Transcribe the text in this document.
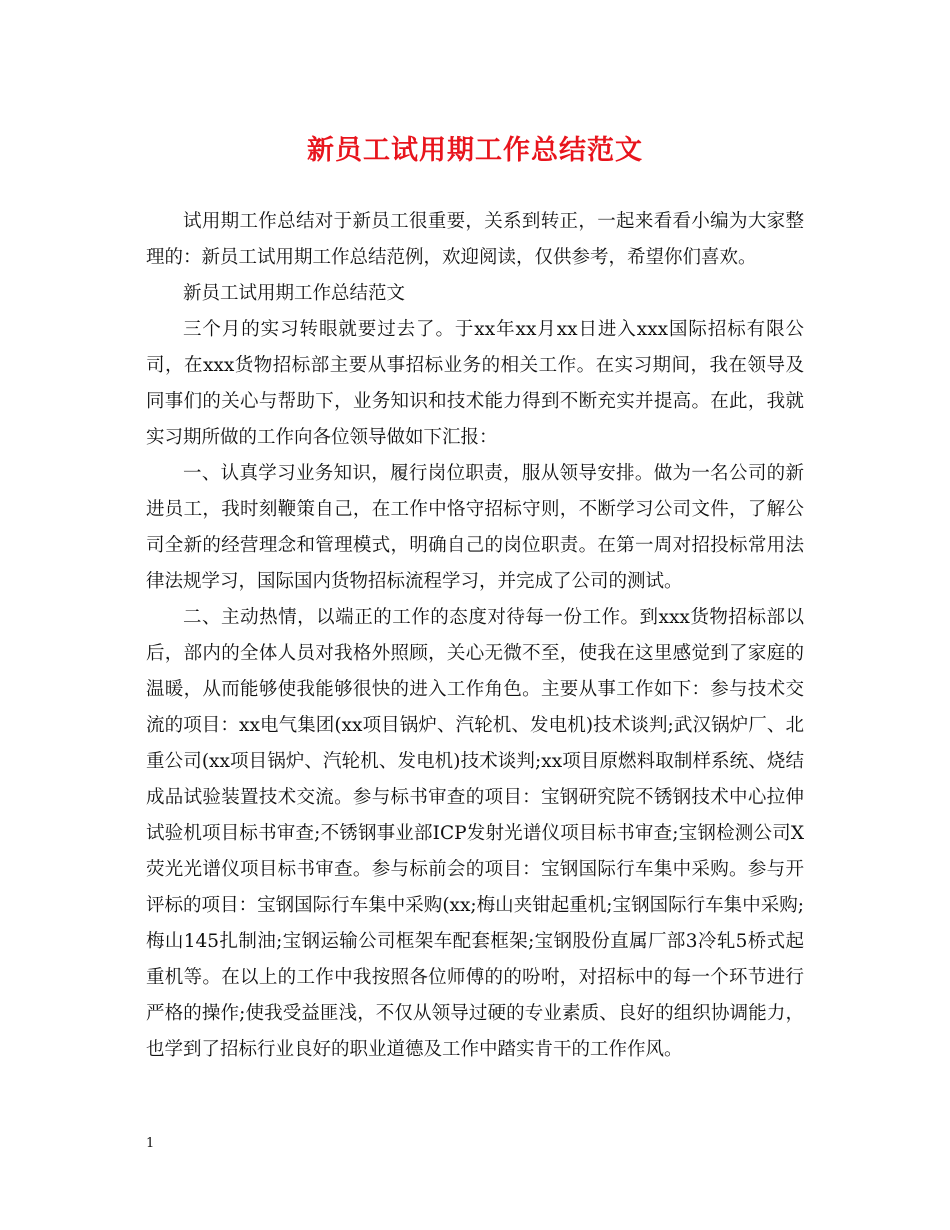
新员工试用期工作总结范文

试用期工作总结对于新员工很重要，关系到转正，一起来看看小编为大家整理的：新员工试用期工作总结范例，欢迎阅读，仅供参考，希望你们喜欢。

新员工试用期工作总结范文

三个月的实习转眼就要过去了。于xx年xx月xx日进入xxx国际招标有限公司，在xxx货物招标部主要从事招标业务的相关工作。在实习期间，我在领导及同事们的关心与帮助下，业务知识和技术能力得到不断充实并提高。在此，我就实习期所做的工作向各位领导做如下汇报：

一、认真学习业务知识，履行岗位职责，服从领导安排。做为一名公司的新进员工，我时刻鞭策自己，在工作中恪守招标守则，不断学习公司文件，了解公司全新的经营理念和管理模式，明确自己的岗位职责。在第一周对招投标常用法律法规学习，国际国内货物招标流程学习，并完成了公司的测试。

二、主动热情，以端正的工作的态度对待每一份工作。到xxx货物招标部以后，部内的全体人员对我格外照顾，关心无微不至，使我在这里感觉到了家庭的温暖，从而能够使我能够很快的进入工作角色。主要从事工作如下：参与技术交流的项目：xx电气集团(xx项目锅炉、汽轮机、发电机)技术谈判;武汉锅炉厂、北重公司(xx项目锅炉、汽轮机、发电机)技术谈判;xx项目原燃料取制样系统、烧结成品试验装置技术交流。参与标书审查的项目：宝钢研究院不锈钢技术中心拉伸试验机项目标书审查;不锈钢事业部ICP发射光谱仪项目标书审查;宝钢检测公司X荧光光谱仪项目标书审查。参与标前会的项目：宝钢国际行车集中采购。参与开评标的项目：宝钢国际行车集中采购(xx;梅山夹钳起重机;宝钢国际行车集中采购;梅山145扎制油;宝钢运输公司框架车配套框架;宝钢股份直属厂部3冷轧5桥式起重机等。在以上的工作中我按照各位师傅的的吩咐，对招标中的每一个环节进行严格的操作;使我受益匪浅，不仅从领导过硬的专业素质、良好的组织协调能力，也学到了招标行业良好的职业道德及工作中踏实肯干的工作作风。

1
